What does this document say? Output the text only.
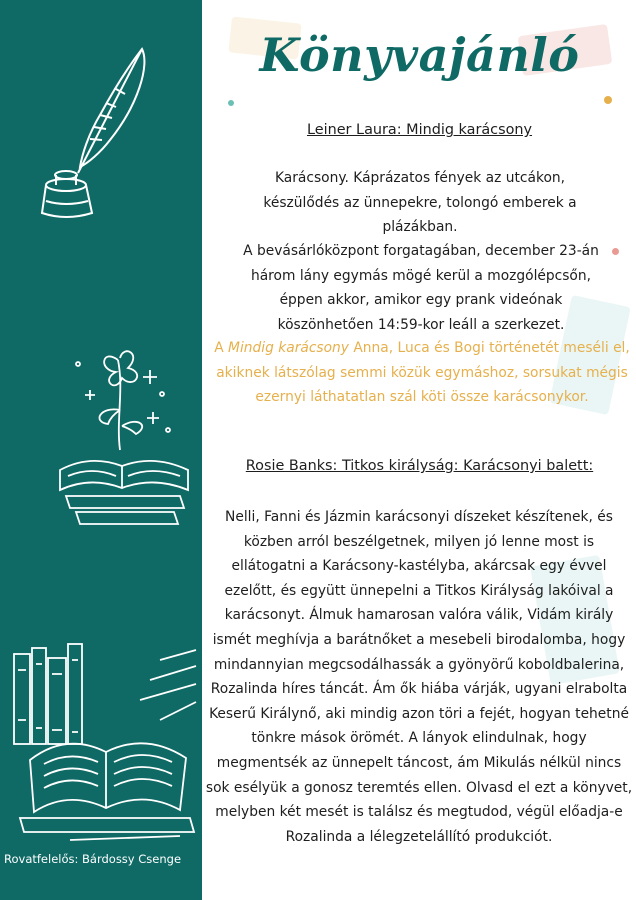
Rovatfelelős: Bárdossy Csenge
Könyvajánló
Leiner Laura: Mindig karácsony
Karácsony. Káprázatos fények az utcákon, készülődés az ünnepekre, tolongó emberek a plázákban.
A bevásárlóközpont forgatagában, december 23-án három lány egymás mögé kerül a mozgólépcsőn, éppen akkor, amikor egy prank videónak köszönhetően 14:59-kor leáll a szerkezet.
A Mindig karácsony Anna, Luca és Bogi történetét meséli el, akiknek látszólag semmi közük egymáshoz, sorsukat mégis ezernyi láthatatlan szál köti össze karácsonykor.
Rosie Banks: Titkos királyság: Karácsonyi balett:
Nelli, Fanni és Jázmin karácsonyi díszeket készítenek, és közben arról beszélgetnek, milyen jó lenne most is ellátogatni a Karácsony-kastélyba, akárcsak egy évvel ezelőtt, és együtt ünnepelni a Titkos Királyság lakóival a karácsonyt. Álmuk hamarosan valóra válik, Vidám király ismét meghívja a barátnőket a mesebeli birodalomba, hogy mindannyian megcsodálhassák a gyönyörű koboldbalerina, Rozalinda híres táncát. Ám ők hiába várják, ugyani elrabolta Keserű Királynő, aki mindig azon töri a fejét, hogyan tehetné tönkre mások örömét. A lányok elindulnak, hogy megmentsék az ünnepelt táncost, ám Mikulás nélkül nincs sok esélyük a gonosz teremtés ellen. Olvasd el ezt a könyvet, melyben két mesét is találsz és megtudod, végül előadja-e Rozalinda a lélegzetelállító produkciót.
